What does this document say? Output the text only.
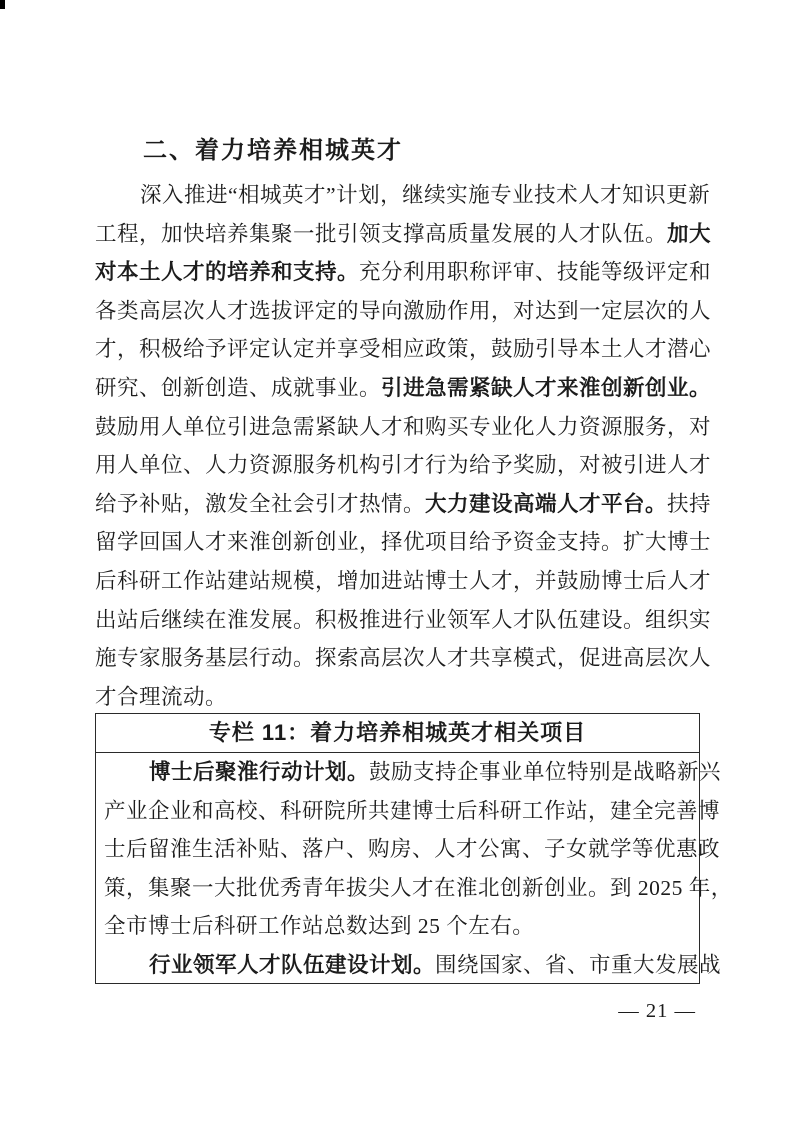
二、着力培养相城英才
深入推进“相城英才”计划，继续实施专业技术人才知识更新
工程，加快培养集聚一批引领支撑高质量发展的人才队伍。加大
对本土人才的培养和支持。充分利用职称评审、技能等级评定和
各类高层次人才选拔评定的导向激励作用，对达到一定层次的人
才，积极给予评定认定并享受相应政策，鼓励引导本土人才潜心
研究、创新创造、成就事业。引进急需紧缺人才来淮创新创业。
鼓励用人单位引进急需紧缺人才和购买专业化人力资源服务，对
用人单位、人力资源服务机构引才行为给予奖励，对被引进人才
给予补贴，激发全社会引才热情。大力建设高端人才平台。扶持
留学回国人才来淮创新创业，择优项目给予资金支持。扩大博士
后科研工作站建站规模，增加进站博士人才，并鼓励博士后人才
出站后继续在淮发展。积极推进行业领军人才队伍建设。组织实
施专家服务基层行动。探索高层次人才共享模式，促进高层次人
才合理流动。
专栏 11：着力培养相城英才相关项目
博士后聚淮行动计划。鼓励支持企事业单位特别是战略新兴
产业企业和高校、科研院所共建博士后科研工作站，建全完善博
士后留淮生活补贴、落户、购房、人才公寓、子女就学等优惠政
策，集聚一大批优秀青年拔尖人才在淮北创新创业。到 2025 年，
全市博士后科研工作站总数达到 25 个左右。
行业领军人才队伍建设计划。围绕国家、省、市重大发展战
— 21 —
